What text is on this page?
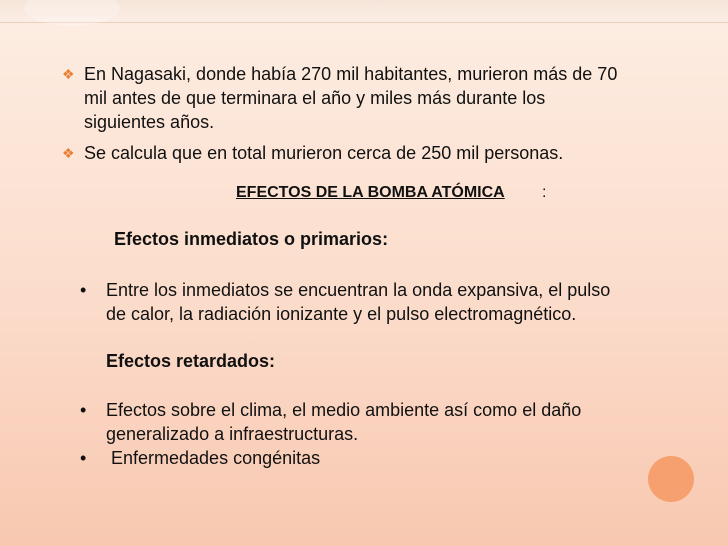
❖ En Nagasaki, donde había 270 mil habitantes, murieron más de 70
mil antes de que terminara el año y miles más durante los
siguientes años.
❖ Se calcula que en total murieron cerca de 250 mil personas.
EFECTOS DE LA BOMBA ATÓMICA :
Efectos inmediatos o primarios:
• Entre los inmediatos se encuentran la onda expansiva, el pulso
de calor, la radiación ionizante y el pulso electromagnético.
Efectos retardados:
• Efectos sobre el clima, el medio ambiente así como el daño
generalizado a infraestructuras.
• Enfermedades congénitas
